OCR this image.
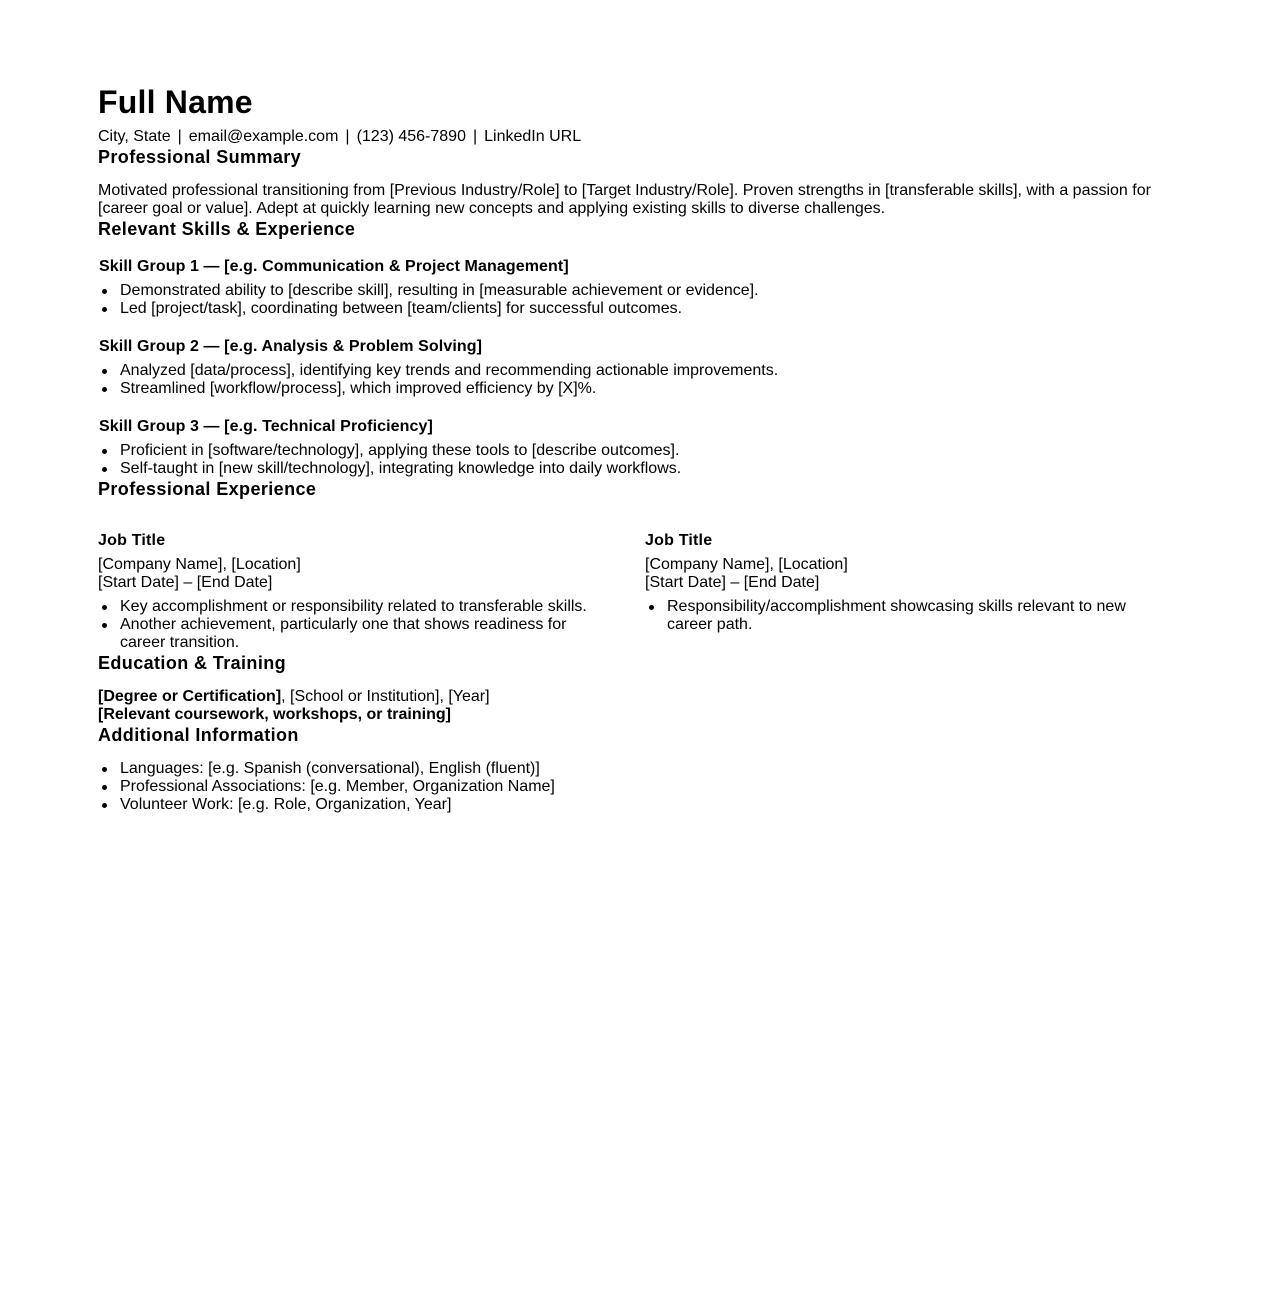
Full Name
City, State | email@example.com | (123) 456-7890 | LinkedIn URL
Professional Summary
Motivated professional transitioning from [Previous Industry/Role] to [Target Industry/Role]. Proven strengths in [transferable skills], with a passion for [career goal or value]. Adept at quickly learning new concepts and applying existing skills to diverse challenges.
Relevant Skills & Experience
Skill Group 1 — [e.g. Communication & Project Management]
Demonstrated ability to [describe skill], resulting in [measurable achievement or evidence].
Led [project/task], coordinating between [team/clients] for successful outcomes.
Skill Group 2 — [e.g. Analysis & Problem Solving]
Analyzed [data/process], identifying key trends and recommending actionable improvements.
Streamlined [workflow/process], which improved efficiency by [X]%.
Skill Group 3 — [e.g. Technical Proficiency]
Proficient in [software/technology], applying these tools to [describe outcomes].
Self-taught in [new skill/technology], integrating knowledge into daily workflows.
Professional Experience
Job Title
[Company Name], [Location]
[Start Date] – [End Date]
Key accomplishment or responsibility related to transferable skills.
Another achievement, particularly one that shows readiness for career transition.
Job Title
[Company Name], [Location]
[Start Date] – [End Date]
Responsibility/accomplishment showcasing skills relevant to new career path.
Education & Training
[Degree or Certification], [School or Institution], [Year]
[Relevant coursework, workshops, or training]
Additional Information
Languages: [e.g. Spanish (conversational), English (fluent)]
Professional Associations: [e.g. Member, Organization Name]
Volunteer Work: [e.g. Role, Organization, Year]
